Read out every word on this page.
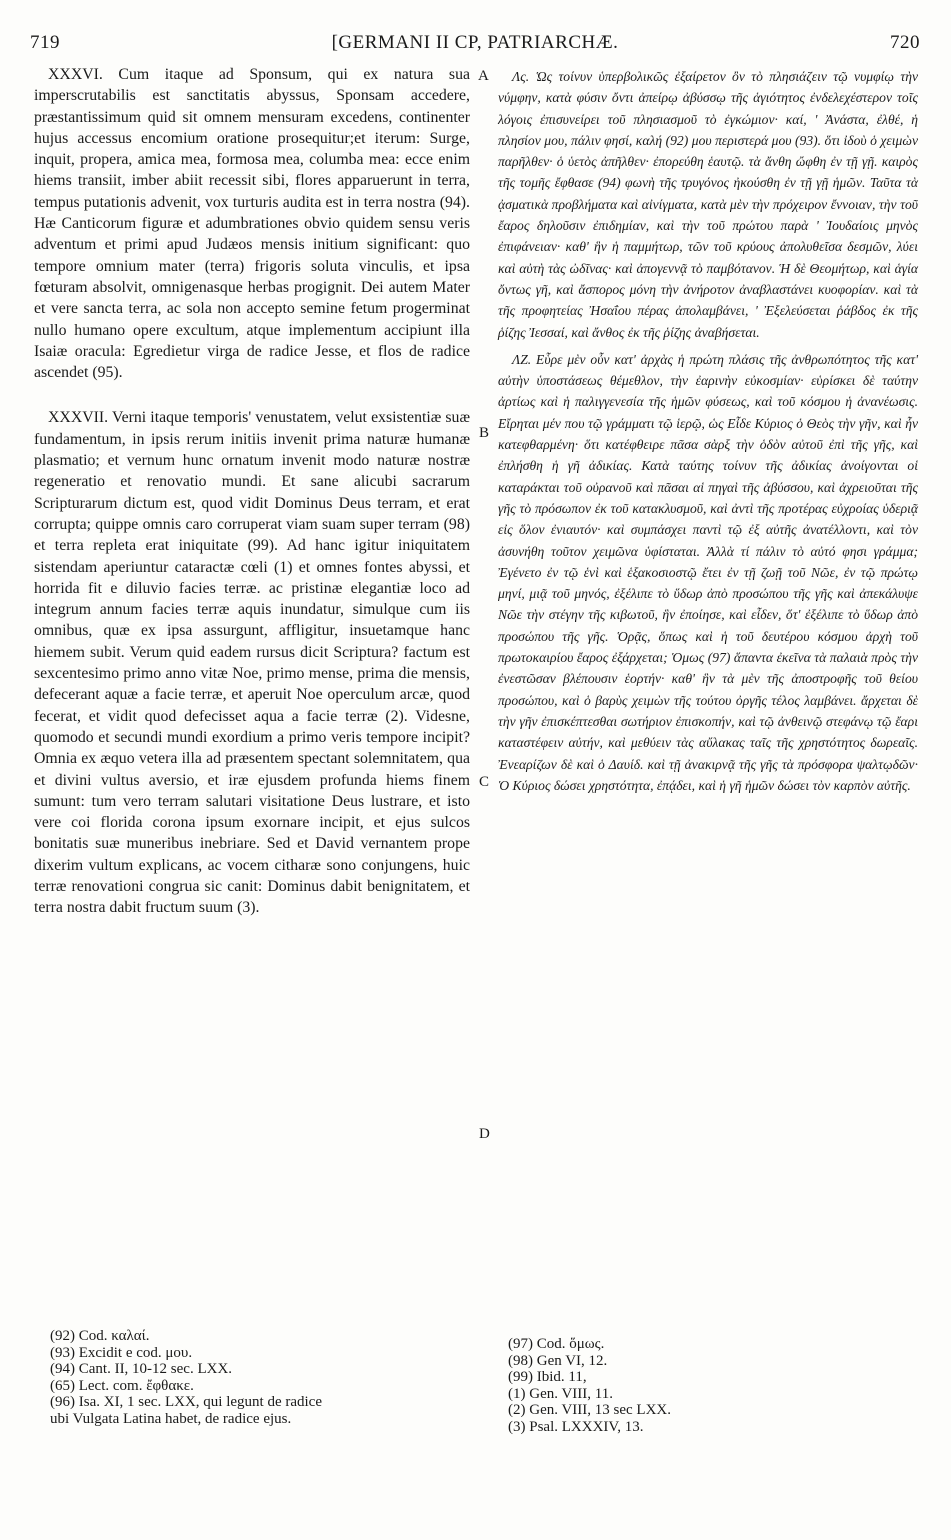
719	[GERMANI II CP, PATRIARCHÆ.	720

XXXVI. Cum itaque ad Sponsum, qui ex natura sua imperscrutabilis est sanctitatis abyssus, Sponsam accedere, præstantissimum quid sit omnem mensuram excedens, continenter hujus accessus encomium oratione prosequitur;et iterum: Surge, inquit, propera, amica mea, formosa mea, columba mea: ecce enim hiems transiit, imber abiit recessit sibi, flores apparuerunt in terra, tempus putationis advenit, vox turturis audita est in terra nostra (94). Hæ Canticorum figuræ et adumbrationes obvio quidem sensu veris adventum et primi apud Judæos mensis initium significant: quo tempore omnium mater (terra) frigoris soluta vinculis, et ipsa fœturam absolvit, omnigenasque herbas progignit. Dei autem Mater et vere sancta terra, ac sola non accepto semine fetum progerminat nullo humano opere excultum, atque implementum accipiunt illa Isaiæ oracula: Egredietur virga de radice Jesse, et flos de radice ascendet (95).

XXXVII. Verni itaque temporis' venustatem, velut exsistentiæ suæ fundamentum, in ipsis rerum initiis invenit prima naturæ humanæ plasmatio; et vernum hunc ornatum invenit modo naturæ nostræ regeneratio et renovatio mundi. Et sane alicubi sacrarum Scripturarum dictum est, quod vidit Dominus Deus terram, et erat corrupta; quippe omnis caro corruperat viam suam super terram (98) et terra repleta erat iniquitate (99). Ad hanc igitur iniquitatem sistendam aperiuntur cataractæ cœli (1) et omnes fontes abyssi, et horrida fit e diluvio facies terræ. ac pristinæ elegantiæ loco ad integrum annum facies terræ aquis inundatur, simulque cum iis omnibus, quæ ex ipsa assurgunt, affligitur, insuetamque hanc hiemem subit. Verum quid eadem rursus dicit Scriptura? factum est sexcentesimo primo anno vitæ Noe, primo mense, prima die mensis, defecerant aquæ a facie terræ, et aperuit Noe operculum arcæ, quod fecerat, et vidit quod defecisset aqua a facie terræ (2). Videsne, quomodo et secundi mundi exordium a primo veris tempore incipit? Omnia ex æquo vetera illa ad præsentem spectant solemnitatem, qua et divini vultus aversio, et iræ ejusdem profunda hiems finem sumunt: tum vero terram salutari visitatione Deus lustrare, et isto vere coi florida corona ipsum exornare incipit, et ejus sulcos bonitatis suæ muneribus inebriare. Sed et David vernantem prope dixerim vultum explicans, ac vocem citharæ sono conjungens, huic terræ renovationi congrua sic canit: Dominus dabit benignitatem, et terra nostra dabit fructum suum (3).

Λς. Ὡς τοίνυν ὑπερβολικῶς ἐξαίρετον ὂν τὸ πλησιάζειν τῷ νυμφίῳ τὴν νύμφην, κατὰ φύσιν ὄντι ἀπείρῳ ἀβύσσῳ τῆς ἁγιότητος ἐνδελεχέστερον τοῖς λόγοις ἐπισυνείρει τοῦ πλησιασμοῦ τὸ ἐγκώμιον· καί, ' Ἀνάστα, ἐλθέ, ἡ πλησίον μου, πάλιν φησί, καλή (92) μου περιστερά μου (93). ὅτι ἰδοὺ ὁ χειμὼν παρῆλθεν· ὁ ὑετὸς ἀπῆλθεν· ἐπορεύθη ἑαυτῷ. τὰ ἄνθη ὤφθη ἐν τῇ γῇ. καιρὸς τῆς τομῆς ἔφθασε (94) φωνὴ τῆς τρυγόνος ἠκούσθη ἐν τῇ γῇ ἡμῶν. Ταῦτα τὰ ᾀσματικὰ προβλήματα καὶ αἰνίγματα, κατὰ μὲν τὴν πρόχειρον ἔννοιαν, τὴν τοῦ ἔαρος δηλοῦσιν ἐπιδημίαν, καὶ τὴν τοῦ πρώτου παρὰ ' Ἰουδαίοις μηνὸς ἐπιφάνειαν· καθ' ἣν ἡ παμμήτωρ, τῶν τοῦ κρύους ἀπολυθεῖσα δεσμῶν, λύει καὶ αὐτὴ τὰς ὠδῖνας· καὶ ἀπογεννᾷ τὸ παμβότανον. Ἡ δὲ Θεομήτωρ, καὶ ἁγία ὄντως γῆ, καὶ ἄσπορος μόνη τὴν ἀνήροτον ἀναβλαστάνει κυοφορίαν. καὶ τὰ τῆς προφητείας Ἠσαΐου πέρας ἀπολαμβάνει, ' Ἐξελεύσεται ῥάβδος ἐκ τῆς ῥίζης Ἰεσσαί, καὶ ἄνθος ἐκ τῆς ῥίζης ἀναβήσεται.

ΛΖ. Εὗρε μὲν οὖν κατ' ἀρχὰς ἡ πρώτη πλάσις τῆς ἀνθρωπότητος τῆς κατ' αὐτὴν ὑποστάσεως θέμεθλον, τὴν ἐαρινὴν εὐκοσμίαν· εὑρίσκει δὲ ταύτην ἀρτίως καὶ ἡ παλιγγενεσία τῆς ἡμῶν φύσεως, καὶ τοῦ κόσμου ἡ ἀνανέωσις. Εἴρηται μέν που τῷ γράμματι τῷ ἱερῷ, ὡς Εἶδε Κύριος ὁ Θεὸς τὴν γῆν, καὶ ἦν κατεφθαρμένη· ὅτι κατέφθειρε πᾶσα σὰρξ τὴν ὁδὸν αὐτοῦ ἐπὶ τῆς γῆς, καὶ ἐπλήσθη ἡ γῆ ἀδικίας. Κατὰ ταύτης τοίνυν τῆς ἀδικίας ἀνοίγονται οἱ καταράκται τοῦ οὐρανοῦ καὶ πᾶσαι αἱ πηγαὶ τῆς ἀβύσσου, καὶ ἀχρειοῦται τῆς γῆς τὸ πρόσωπον ἐκ τοῦ κατακλυσμοῦ, καὶ ἀντὶ τῆς προτέρας εὐχροίας ὑδεριᾷ εἰς ὅλον ἐνιαυτόν· καὶ συμπάσχει παντὶ τῷ ἐξ αὐτῆς ἀνατέλλοντι, καὶ τὸν ἀσυνήθη τοῦτον χειμῶνα ὑφίσταται. Ἀλλὰ τί πάλιν τὸ αὐτό φησι γράμμα; Ἐγένετο ἐν τῷ ἑνὶ καὶ ἑξακοσιοστῷ ἔτει ἐν τῇ ζωῇ τοῦ Νῶε, ἐν τῷ πρώτῳ μηνί, μιᾷ τοῦ μηνός, ἐξέλιπε τὸ ὕδωρ ἀπὸ προσώπου τῆς γῆς καὶ ἀπεκάλυψε Νῶε τὴν στέγην τῆς κιβωτοῦ, ἣν ἐποίησε, καὶ εἶδεν, ὅτ' ἐξέλιπε τὸ ὕδωρ ἀπὸ προσώπου τῆς γῆς. Ὁρᾷς, ὅπως καὶ ἡ τοῦ δευτέρου κόσμου ἀρχὴ τοῦ πρωτοκαιρίου ἔαρος ἐξάρχεται; Ὁμως (97) ἅπαντα ἐκεῖνα τὰ παλαιὰ πρὸς τὴν ἐνεστῶσαν βλέπουσιν ἑορτήν· καθ' ἣν τὰ μὲν τῆς ἀποστροφῆς τοῦ θείου προσώπου, καὶ ὁ βαρὺς χειμὼν τῆς τούτου ὀργῆς τέλος λαμβάνει. ἄρχεται δὲ τὴν γῆν ἐπισκέπτεσθαι σωτήριον ἐπισκοπήν, καὶ τῷ ἀνθεινῷ στεφάνῳ τῷ ἔαρι καταστέφειν αὐτήν, καὶ μεθύειν τὰς αὔλακας ταῖς τῆς χρηστότητος δωρεαῖς. Ἐνεαρίζων δὲ καὶ ὁ Δαυίδ. καὶ τῇ ἀνακιρνᾷ τῆς γῆς τὰ πρόσφορα ψαλτῳδῶν· Ὁ Κύριος δώσει χρηστότητα, ἐπᾴδει, καὶ ἡ γῆ ἡμῶν δώσει τὸν καρπὸν αὐτῆς.

A
B
C
D
(92) Cod. καλαί.
(93) Excidit e cod. μου.
(94) Cant. II, 10-12 sec. LXX.
(65) Lect. com. ἔφθακε.
(96) Isa. XI, 1 sec. LXX, qui legunt de radice
ubi Vulgata Latina habet, de radice ejus.
(97) Cod. ὅμως.
(98) Gen VI, 12.
(99) Ibid. 11,
(1) Gen. VIII, 11.
(2) Gen. VIII, 13 sec LXX.
(3) Psal. LXXXIV, 13.
